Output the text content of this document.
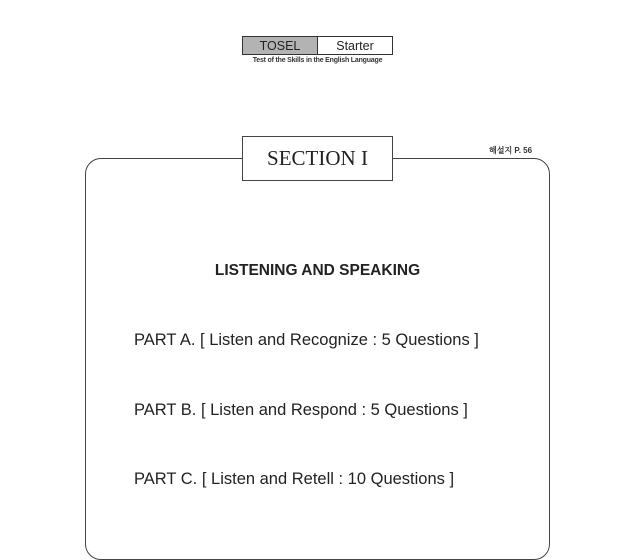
TOSEL	Starter
Test of the Skills in the English Language
해설지 P. 56
SECTION I
LISTENING AND SPEAKING
PART A. [ Listen and Recognize : 5 Questions ]
PART B. [ Listen and Respond : 5 Questions ]
PART C. [ Listen and Retell : 10 Questions ]
